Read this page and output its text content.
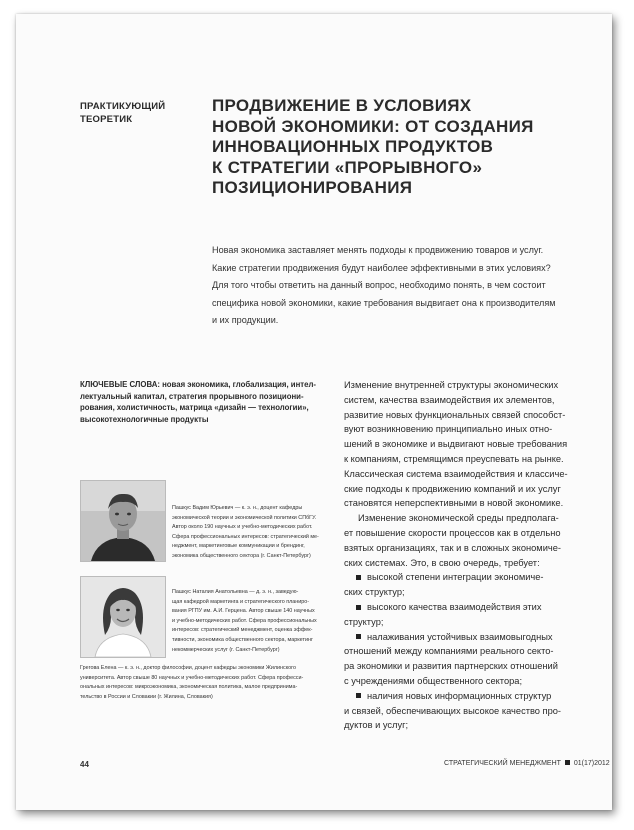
ПРАКТИКУЮЩИЙ
ТЕОРЕТИК
ПРОДВИЖЕНИЕ В УСЛОВИЯХ
НОВОЙ ЭКОНОМИКИ: ОТ СОЗДАНИЯ
ИННОВАЦИОННЫХ ПРОДУКТОВ
К СТРАТЕГИИ «ПРОРЫВНОГО»
ПОЗИЦИОНИРОВАНИЯ

Новая экономика заставляет менять подходы к продвижению товаров и услуг.
Какие стратегии продвижения будут наиболее эффективными в этих условиях?
Для того чтобы ответить на данный вопрос, необходимо понять, в чем состоит
специфика новой экономики, какие требования выдвигает она к производителям
и их продукции.

КЛЮЧЕВЫЕ СЛОВА: новая экономика, глобализация, интел-
лектуальный капитал, стратегия прорывного позициони-
рования, холистичность, матрица «дизайн — технологии»,
высокотехнологичные продукты

Пашкус Вадим Юрьевич — к. э. н., доцент кафедры
экономической теории и экономической политики СПбГУ.
Автор около 190 научных и учебно-методических работ.
Сфера профессиональных интересов: стратегический ме-
неджмент, маркетинговые коммуникации и брендинг,
экономика общественного сектора (г. Санкт-Петербург)
Пашкус Наталия Анатольевна — д. э. н., заведую-
щая кафедрой маркетинга и стратегического планиро-
вания РГПУ им. А.И. Герцена. Автор свыше 140 научных
и учебно-методических работ. Сфера профессиональных
интересов: стратегический менеджмент, оценка эффек-
тивности, экономика общественного сектора, маркетинг
некоммерческих услуг (г. Санкт-Петербург)
Грегова Елена — к. э. н., доктор философии, доцент кафедры экономики Жилинского
университета. Автор свыше 80 научных и учебно-методических работ. Сфера професси-
ональных интересов: микроэкономика, экономическая политика, малое предпринима-
тельство в России и Словакии (г. Жилина, Словакия)
Изменение внутренней структуры экономических
систем, качества взаимодействия их элементов,
развитие новых функциональных связей способст-
вуют возникновению принципиально иных отно-
шений в экономике и выдвигают новые требования
к компаниям, стремящимся преуспевать на рынке.
Классическая система взаимодействия и классиче-
ские подходы к продвижению компаний и их услуг
становятся неперспективными в новой экономике.
Изменение экономической среды предполага-
ет повышение скорости процессов как в отдельно
взятых организациях, так и в сложных экономиче-
ских системах. Это, в свою очередь, требует:
высокой степени интеграции экономиче-
ских структур;
высокого качества взаимодействия этих
структур;
налаживания устойчивых взаимовыгодных
отношений между компаниями реального секто-
ра экономики и развития партнерских отношений
с учреждениями общественного сектора;
наличия новых информационных структур
и связей, обеспечивающих высокое качество про-
дуктов и услуг;

44	СТРАТЕГИЧЕСКИЙ МЕНЕДЖМЕНТ 01(17)2012
